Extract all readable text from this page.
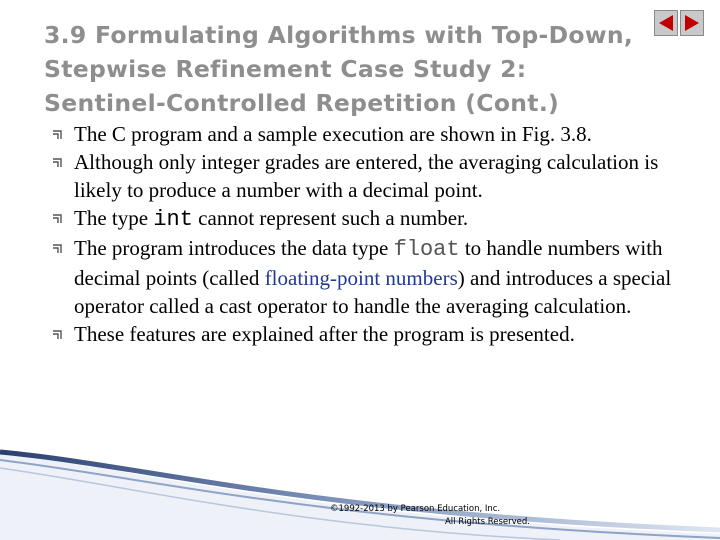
3.9 Formulating Algorithms with Top-Down, Stepwise Refinement Case Study 2: Sentinel-Controlled Repetition (Cont.)
The C program and a sample execution are shown in Fig. 3.8.
Although only integer grades are entered, the averaging calculation is likely to produce a number with a decimal point.
The type int cannot represent such a number.
The program introduces the data type float to handle numbers with decimal points (called floating-point numbers) and introduces a special operator called a cast operator to handle the averaging calculation.
These features are explained after the program is presented.
©1992-2013 by Pearson Education, Inc.
All Rights Reserved.
